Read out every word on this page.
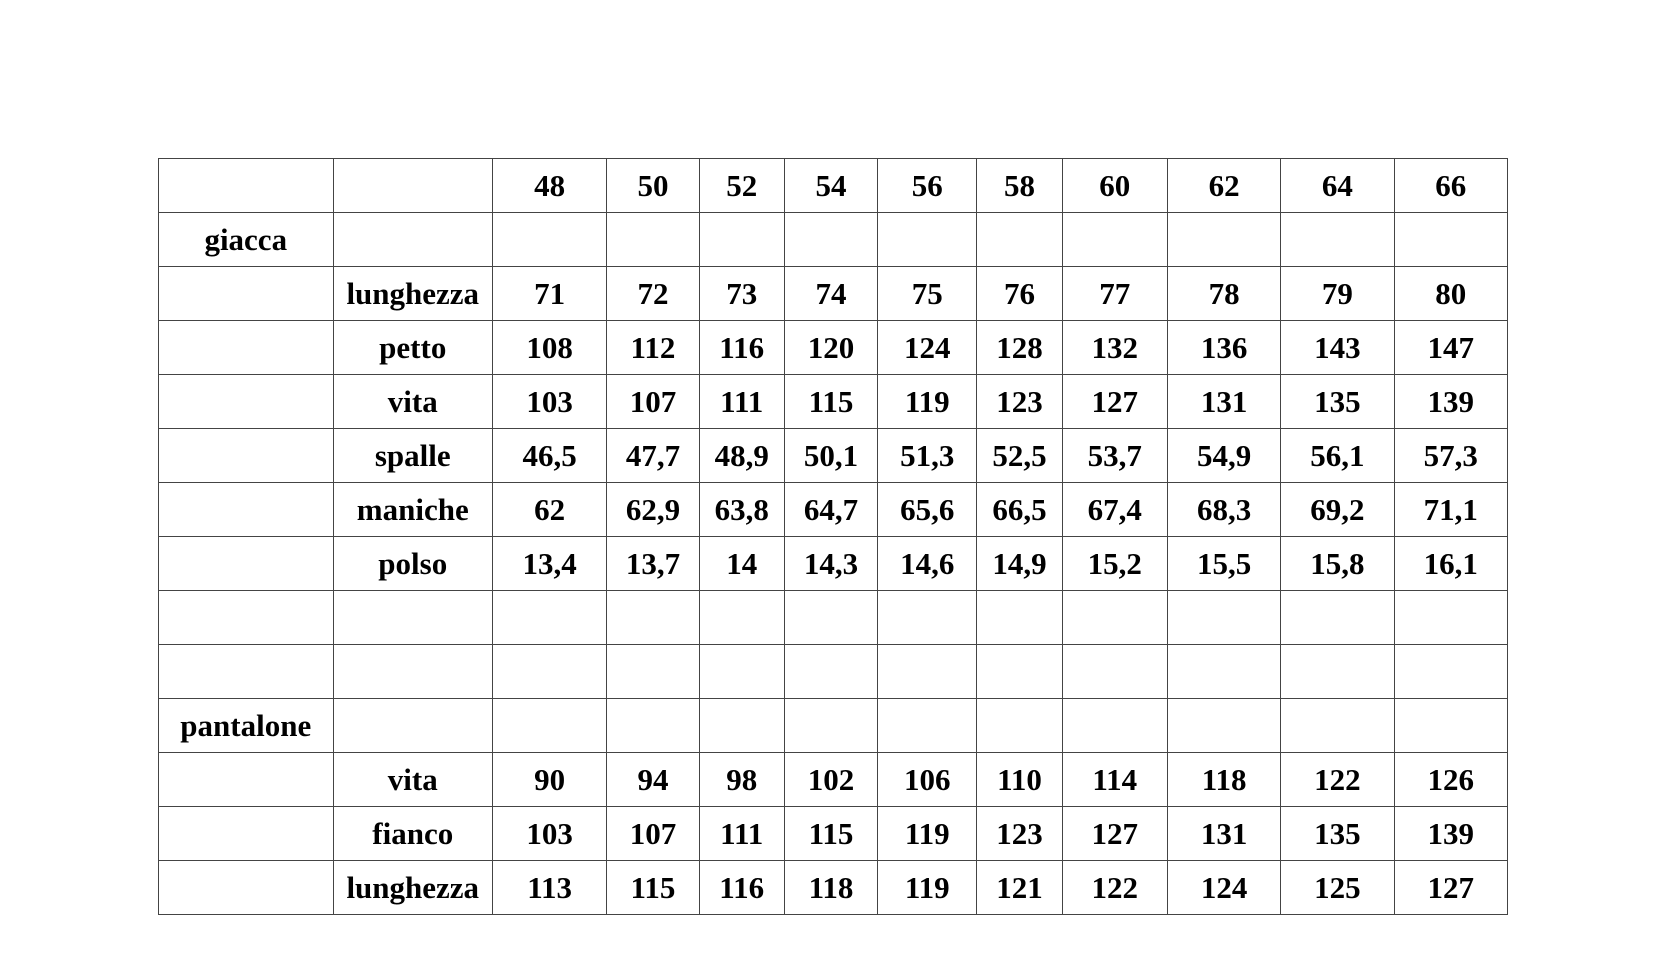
		48	50	52	54	56	58	60	62	64	66
giacca											
	lunghezza	71	72	73	74	75	76	77	78	79	80
	petto	108	112	116	120	124	128	132	136	143	147
	vita	103	107	111	115	119	123	127	131	135	139
	spalle	46,5	47,7	48,9	50,1	51,3	52,5	53,7	54,9	56,1	57,3
	maniche	62	62,9	63,8	64,7	65,6	66,5	67,4	68,3	69,2	71,1
	polso	13,4	13,7	14	14,3	14,6	14,9	15,2	15,5	15,8	16,1

pantalone											
	vita	90	94	98	102	106	110	114	118	122	126
	fianco	103	107	111	115	119	123	127	131	135	139
	lunghezza	113	115	116	118	119	121	122	124	125	127
